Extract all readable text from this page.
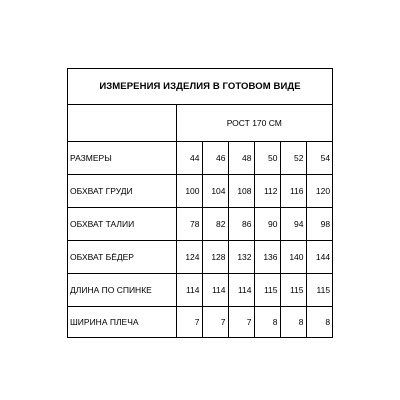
ИЗМЕРЕНИЯ ИЗДЕЛИЯ В ГОТОВОМ ВИДЕ
	РОСТ 170 СМ					
РАЗМЕРЫ	44	46	48	50	52	54
ОБХВАТ ГРУДИ	100	104	108	112	116	120
ОБХВАТ ТАЛИИ	78	82	86	90	94	98
ОБХВАТ БЁДЕР	124	128	132	136	140	144
ДЛИНА ПО СПИНКЕ	114	114	114	115	115	115
ШИРИНА ПЛЕЧА	7	7	7	8	8	8
